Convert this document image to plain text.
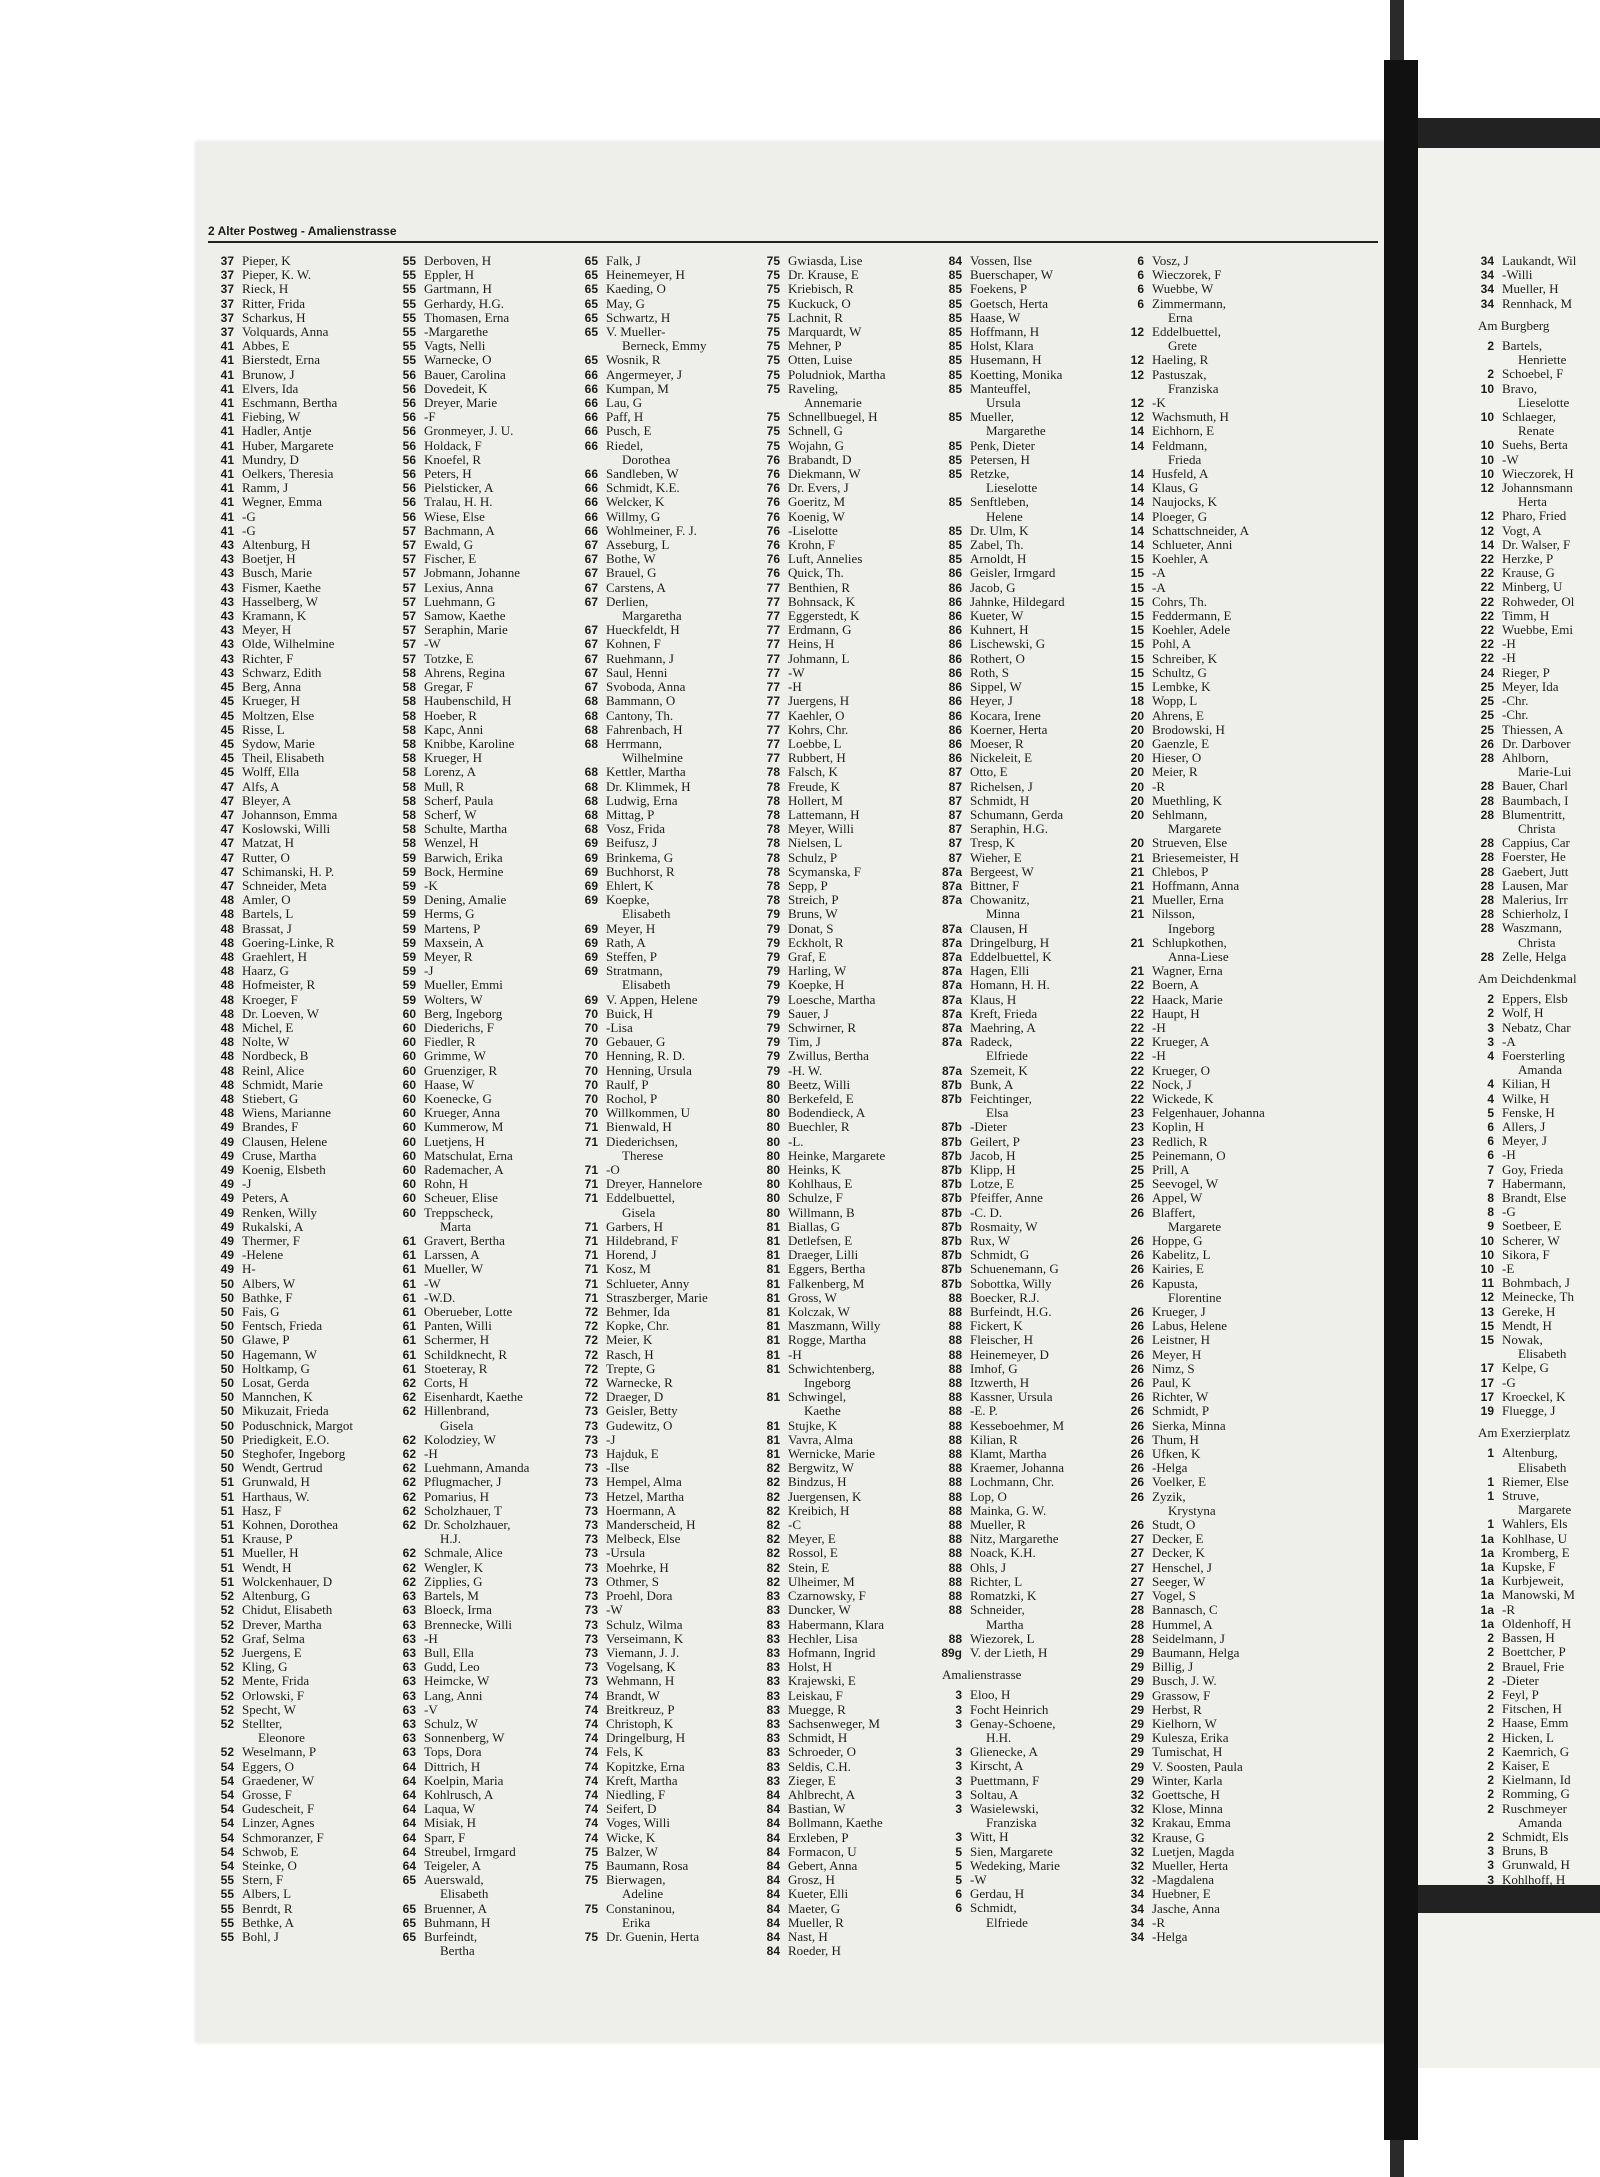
2 Alter Postweg - Amalienstrasse
37 Pieper, K
37 Pieper, K. W.
37 Rieck, H
37 Ritter, Frida
37 Scharkus, H
37 Volquards, Anna
41 Abbes, E
41 Bierstedt, Erna
41 Brunow, J
41 Elvers, Ida
41 Eschmann, Bertha
41 Fiebing, W
41 Hadler, Antje
41 Huber, Margarete
41 Mundry, D
41 Oelkers, Theresia
41 Ramm, J
41 Wegner, Emma
41 -G
41 -G
43 Altenburg, H
43 Boetjer, H
43 Busch, Marie
43 Fismer, Kaethe
43 Hasselberg, W
43 Kramann, K
43 Meyer, H
43 Olde, Wilhelmine
43 Richter, F
43 Schwarz, Edith
45 Berg, Anna
45 Krueger, H
45 Moltzen, Else
45 Risse, L
45 Sydow, Marie
45 Theil, Elisabeth
45 Wolff, Ella
47 Alfs, A
47 Bleyer, A
47 Johannson, Emma
47 Koslowski, Willi
47 Matzat, H
47 Rutter, O
47 Schimanski, H. P.
47 Schneider, Meta
48 Amler, O
48 Bartels, L
48 Brassat, J
48 Goering-Linke, R
48 Graehlert, H
48 Haarz, G
48 Hofmeister, R
48 Kroeger, F
48 Dr. Loeven, W
48 Michel, E
48 Nolte, W
48 Nordbeck, B
48 Reinl, Alice
48 Schmidt, Marie
48 Stiebert, G
48 Wiens, Marianne
49 Brandes, F
49 Clausen, Helene
49 Cruse, Martha
49 Koenig, Elsbeth
49 -J
49 Peters, A
49 Renken, Willy
49 Rukalski, A
49 Thermer, F
49 -Helene
49 H-
50 Albers, W
50 Bathke, F
50 Fais, G
50 Fentsch, Frieda
50 Glawe, P
50 Hagemann, W
50 Holtkamp, G
50 Losat, Gerda
50 Mannchen, K
50 Mikuzait, Frieda
50 Poduschnick, Margot
50 Priedigkeit, E.O.
50 Steghofer, Ingeborg
50 Wendt, Gertrud
51 Grunwald, H
51 Harthaus, W.
51 Hasz, F
51 Kohnen, Dorothea
51 Krause, P
51 Mueller, H
51 Wendt, H
51 Wolckenhauer, D
52 Altenburg, G
52 Chidut, Elisabeth
52 Drever, Martha
52 Graf, Selma
52 Juergens, E
52 Kling, G
52 Mente, Frida
52 Orlowski, F
52 Specht, W
52 Stellter,
Eleonore
52 Weselmann, P
54 Eggers, O
54 Graedener, W
54 Grosse, F
54 Gudescheit, F
54 Linzer, Agnes
54 Schmoranzer, F
54 Schwob, E
54 Steinke, O
55 Stern, F
55 Albers, L
55 Benrdt, R
55 Bethke, A
55 Bohl, J
55 Derboven, H
55 Eppler, H
55 Gartmann, H
55 Gerhardy, H.G.
55 Thomasen, Erna
55 -Margarethe
55 Vagts, Nelli
55 Warnecke, O
56 Bauer, Carolina
56 Dovedeit, K
56 Dreyer, Marie
56 -F
56 Gronmeyer, J. U.
56 Holdack, F
56 Knoefel, R
56 Peters, H
56 Pielsticker, A
56 Tralau, H. H.
56 Wiese, Else
57 Bachmann, A
57 Ewald, G
57 Fischer, E
57 Jobmann, Johanne
57 Lexius, Anna
57 Luehmann, G
57 Samow, Kaethe
57 Seraphin, Marie
57 -W
57 Totzke, E
58 Ahrens, Regina
58 Gregar, F
58 Haubenschild, H
58 Hoeber, R
58 Kapc, Anni
58 Knibbe, Karoline
58 Krueger, H
58 Lorenz, A
58 Mull, R
58 Scherf, Paula
58 Scherf, W
58 Schulte, Martha
58 Wenzel, H
59 Barwich, Erika
59 Bock, Hermine
59 -K
59 Dening, Amalie
59 Herms, G
59 Martens, P
59 Maxsein, A
59 Meyer, R
59 -J
59 Mueller, Emmi
59 Wolters, W
60 Berg, Ingeborg
60 Diederichs, F
60 Fiedler, R
60 Grimme, W
60 Gruenziger, R
60 Haase, W
60 Koenecke, G
60 Krueger, Anna
60 Kummerow, M
60 Luetjens, H
60 Matschulat, Erna
60 Rademacher, A
60 Rohn, H
60 Scheuer, Elise
60 Treppscheck,
Marta
61 Gravert, Bertha
61 Larssen, A
61 Mueller, W
61 -W
61 -W.D.
61 Oberueber, Lotte
61 Panten, Willi
61 Schermer, H
61 Schildknecht, R
61 Stoeteray, R
62 Corts, H
62 Eisenhardt, Kaethe
62 Hillenbrand,
Gisela
62 Kolodziey, W
62 -H
62 Luehmann, Amanda
62 Pflugmacher, J
62 Pomarius, H
62 Scholzhauer, T
62 Dr. Scholzhauer,
H.J.
62 Schmale, Alice
62 Wengler, K
62 Zipplies, G
63 Bartels, M
63 Bloeck, Irma
63 Brennecke, Willi
63 -H
63 Bull, Ella
63 Gudd, Leo
63 Heimcke, W
63 Lang, Anni
63 -V
63 Schulz, W
63 Sonnenberg, W
63 Tops, Dora
64 Dittrich, H
64 Koelpin, Maria
64 Kohlrusch, A
64 Laqua, W
64 Misiak, H
64 Sparr, F
64 Streubel, Irmgard
64 Teigeler, A
65 Auerswald,
Elisabeth
65 Bruenner, A
65 Buhmann, H
65 Burfeindt,
Bertha
65 Falk, J
65 Heinemeyer, H
65 Kaeding, O
65 May, G
65 Schwartz, H
65 V. Mueller-
Berneck, Emmy
65 Wosnik, R
66 Angermeyer, J
66 Kumpan, M
66 Lau, G
66 Paff, H
66 Pusch, E
66 Riedel,
Dorothea
66 Sandleben, W
66 Schmidt, K.E.
66 Welcker, K
66 Willmy, G
66 Wohlmeiner, F. J.
67 Asseburg, L
67 Bothe, W
67 Brauel, G
67 Carstens, A
67 Derlien,
Margaretha
67 Hueckfeldt, H
67 Kohnen, F
67 Ruehmann, J
67 Saul, Henni
67 Svoboda, Anna
68 Bammann, O
68 Cantony, Th.
68 Fahrenbach, H
68 Herrmann,
Wilhelmine
68 Kettler, Martha
68 Dr. Klimmek, H
68 Ludwig, Erna
68 Mittag, P
68 Vosz, Frida
69 Beifusz, J
69 Brinkema, G
69 Buchhorst, R
69 Ehlert, K
69 Koepke,
Elisabeth
69 Meyer, H
69 Rath, A
69 Steffen, P
69 Stratmann,
Elisabeth
69 V. Appen, Helene
70 Buick, H
70 -Lisa
70 Gebauer, G
70 Henning, R. D.
70 Henning, Ursula
70 Raulf, P
70 Rochol, P
70 Willkommen, U
71 Bienwald, H
71 Diederichsen,
Therese
71 -O
71 Dreyer, Hannelore
71 Eddelbuettel,
Gisela
71 Garbers, H
71 Hildebrand, F
71 Horend, J
71 Kosz, M
71 Schlueter, Anny
71 Straszberger, Marie
72 Behmer, Ida
72 Kopke, Chr.
72 Meier, K
72 Rasch, H
72 Trepte, G
72 Warnecke, R
72 Draeger, D
73 Geisler, Betty
73 Gudewitz, O
73 -J
73 Hajduk, E
73 -Ilse
73 Hempel, Alma
73 Hetzel, Martha
73 Hoermann, A
73 Manderscheid, H
73 Melbeck, Else
73 -Ursula
73 Moehrke, H
73 Othmer, S
73 Proehl, Dora
73 -W
73 Schulz, Wilma
73 Verseimann, K
73 Viemann, J. J.
73 Vogelsang, K
73 Wehmann, H
74 Brandt, W
74 Breitkreuz, P
74 Christoph, K
74 Dringelburg, H
74 Fels, K
74 Kopitzke, Erna
74 Kreft, Martha
74 Niedling, F
74 Seifert, D
74 Voges, Willi
74 Wicke, K
75 Balzer, W
75 Baumann, Rosa
75 Bierwagen,
Adeline
75 Constaninou,
Erika
75 Dr. Guenin, Herta
75 Gwiasda, Lise
75 Dr. Krause, E
75 Kriebisch, R
75 Kuckuck, O
75 Lachnit, R
75 Marquardt, W
75 Mehner, P
75 Otten, Luise
75 Poludniok, Martha
75 Raveling,
Annemarie
75 Schnellbuegel, H
75 Schnell, G
75 Wojahn, G
76 Brabandt, D
76 Diekmann, W
76 Dr. Evers, J
76 Goeritz, M
76 Koenig, W
76 -Liselotte
76 Krohn, F
76 Luft, Annelies
76 Quick, Th.
77 Benthien, R
77 Bohnsack, K
77 Eggerstedt, K
77 Erdmann, G
77 Heins, H
77 Johmann, L
77 -W
77 -H
77 Juergens, H
77 Kaehler, O
77 Kohrs, Chr.
77 Loebbe, L
77 Rubbert, H
78 Falsch, K
78 Freude, K
78 Hollert, M
78 Lattemann, H
78 Meyer, Willi
78 Nielsen, L
78 Schulz, P
78 Scymanska, F
78 Sepp, P
78 Streich, P
79 Bruns, W
79 Donat, S
79 Eckholt, R
79 Graf, E
79 Harling, W
79 Koepke, H
79 Loesche, Martha
79 Sauer, J
79 Schwirner, R
79 Tim, J
79 Zwillus, Bertha
79 -H. W.
80 Beetz, Willi
80 Berkefeld, E
80 Bodendieck, A
80 Buechler, R
80 -L.
80 Heinke, Margarete
80 Heinks, K
80 Kohlhaus, E
80 Schulze, F
80 Willmann, B
81 Biallas, G
81 Detlefsen, E
81 Draeger, Lilli
81 Eggers, Bertha
81 Falkenberg, M
81 Gross, W
81 Kolczak, W
81 Maszmann, Willy
81 Rogge, Martha
81 -H
81 Schwichtenberg,
Ingeborg
81 Schwingel,
Kaethe
81 Stujke, K
81 Vavra, Alma
81 Wernicke, Marie
82 Bergwitz, W
82 Bindzus, H
82 Juergensen, K
82 Kreibich, H
82 -C
82 Meyer, E
82 Rossol, E
82 Stein, E
82 Ulheimer, M
83 Czarnowsky, F
83 Duncker, W
83 Habermann, Klara
83 Hechler, Lisa
83 Hofmann, Ingrid
83 Holst, H
83 Krajewski, E
83 Leiskau, F
83 Muegge, R
83 Sachsenweger, M
83 Schmidt, H
83 Schroeder, O
83 Seldis, C.H.
83 Zieger, E
84 Ahlbrecht, A
84 Bastian, W
84 Bollmann, Kaethe
84 Erxleben, P
84 Formacon, U
84 Gebert, Anna
84 Grosz, H
84 Kueter, Elli
84 Maeter, G
84 Mueller, R
84 Nast, H
84 Roeder, H
84 Vossen, Ilse
85 Buerschaper, W
85 Foekens, P
85 Goetsch, Herta
85 Haase, W
85 Hoffmann, H
85 Holst, Klara
85 Husemann, H
85 Koetting, Monika
85 Manteuffel,
Ursula
85 Mueller,
Margarethe
85 Penk, Dieter
85 Petersen, H
85 Retzke,
Lieselotte
85 Senftleben,
Helene
85 Dr. Ulm, K
85 Zabel, Th.
85 Arnoldt, H
86 Geisler, Irmgard
86 Jacob, G
86 Jahnke, Hildegard
86 Kueter, W
86 Kuhnert, H
86 Lischewski, G
86 Rothert, O
86 Roth, S
86 Sippel, W
86 Heyer, J
86 Kocara, Irene
86 Koerner, Herta
86 Moeser, R
86 Nickeleit, E
87 Otto, E
87 Richelsen, J
87 Schmidt, H
87 Schumann, Gerda
87 Seraphin, H.G.
87 Tresp, K
87 Wieher, E
87a Bergeest, W
87a Bittner, F
87a Chowanitz,
Minna
87a Clausen, H
87a Dringelburg, H
87a Eddelbuettel, K
87a Hagen, Elli
87a Homann, H. H.
87a Klaus, H
87a Kreft, Frieda
87a Maehring, A
87a Radeck,
Elfriede
87a Szemeit, K
87b Bunk, A
87b Feichtinger,
Elsa
87b -Dieter
87b Geilert, P
87b Jacob, H
87b Klipp, H
87b Lotze, E
87b Pfeiffer, Anne
87b -C. D.
87b Rosmaity, W
87b Rux, W
87b Schmidt, G
87b Schuenemann, G
87b Sobottka, Willy
88 Boecker, R.J.
88 Burfeindt, H.G.
88 Fickert, K
88 Fleischer, H
88 Heinemeyer, D
88 Imhof, G
88 Itzwerth, H
88 Kassner, Ursula
88 -E. P.
88 Kesseboehmer, M
88 Kilian, R
88 Klamt, Martha
88 Kraemer, Johanna
88 Lochmann, Chr.
88 Lop, O
88 Mainka, G. W.
88 Mueller, R
88 Nitz, Margarethe
88 Noack, K.H.
88 Ohls, J
88 Richter, L
88 Romatzki, K
88 Schneider,
Martha
88 Wiezorek, L
89g V. der Lieth, H
Amalienstrasse
3 Eloo, H
3 Focht Heinrich
3 Genay-Schoene,
H.H.
3 Glienecke, A
3 Kirscht, A
3 Puettmann, F
3 Soltau, A
3 Wasielewski,
Franziska
3 Witt, H
5 Sien, Margarete
5 Wedeking, Marie
5 -W
6 Gerdau, H
6 Schmidt,
Elfriede
6 Vosz, J
6 Wieczorek, F
6 Wuebbe, W
6 Zimmermann,
Erna
12 Eddelbuettel,
Grete
12 Haeling, R
12 Pastuszak,
Franziska
12 -K
12 Wachsmuth, H
14 Eichhorn, E
14 Feldmann,
Frieda
14 Husfeld, A
14 Klaus, G
14 Naujocks, K
14 Ploeger, G
14 Schattschneider, A
14 Schlueter, Anni
15 Koehler, A
15 -A
15 -A
15 Cohrs, Th.
15 Feddermann, E
15 Koehler, Adele
15 Pohl, A
15 Schreiber, K
15 Schultz, G
15 Lembke, K
18 Wopp, L
20 Ahrens, E
20 Brodowski, H
20 Gaenzle, E
20 Hieser, O
20 Meier, R
20 -R
20 Muethling, K
20 Sehlmann,
Margarete
20 Strueven, Else
21 Briesemeister, H
21 Chlebos, P
21 Hoffmann, Anna
21 Mueller, Erna
21 Nilsson,
Ingeborg
21 Schlupkothen,
Anna-Liese
21 Wagner, Erna
22 Boern, A
22 Haack, Marie
22 Haupt, H
22 -H
22 Krueger, A
22 -H
22 Krueger, O
22 Nock, J
22 Wickede, K
23 Felgenhauer, Johanna
23 Koplin, H
23 Redlich, R
25 Peinemann, O
25 Prill, A
25 Seevogel, W
26 Appel, W
26 Blaffert,
Margarete
26 Hoppe, G
26 Kabelitz, L
26 Kairies, E
26 Kapusta,
Florentine
26 Krueger, J
26 Labus, Helene
26 Leistner, H
26 Meyer, H
26 Nimz, S
26 Paul, K
26 Richter, W
26 Schmidt, P
26 Sierka, Minna
26 Thum, H
26 Ufken, K
26 -Helga
26 Voelker, E
26 Zyzik,
Krystyna
26 Studt, O
27 Decker, E
27 Decker, K
27 Henschel, J
27 Seeger, W
27 Vogel, S
28 Bannasch, C
28 Hummel, A
28 Seidelmann, J
29 Baumann, Helga
29 Billig, J
29 Busch, J. W.
29 Grassow, F
29 Herbst, R
29 Kielhorn, W
29 Kulesza, Erika
29 Tumischat, H
29 V. Soosten, Paula
29 Winter, Karla
32 Goettsche, H
32 Klose, Minna
32 Krakau, Emma
32 Krause, G
32 Luetjen, Magda
32 Mueller, Herta
32 -Magdalena
34 Huebner, E
34 Jasche, Anna
34 -R
34 -Helga
34 Laukandt, Wil
34 -Willi
34 Mueller, H
34 Rennhack, M
Am Burgberg
2 Bartels,
Henriette
2 Schoebel, F
10 Bravo,
Lieselotte
10 Schlaeger,
Renate
10 Suehs, Berta
10 -W
10 Wieczorek, H
12 Johannsmann
Herta
12 Pharo, Fried
12 Vogt, A
14 Dr. Walser, F
22 Herzke, P
22 Krause, G
22 Minberg, U
22 Rohweder, Ol
22 Timm, H
22 Wuebbe, Emi
22 -H
22 -H
24 Rieger, P
25 Meyer, Ida
25 -Chr.
25 -Chr.
25 Thiessen, A
26 Dr. Darbover
28 Ahlborn,
Marie-Lui
28 Bauer, Charl
28 Baumbach, I
28 Blumentritt,
Christa
28 Cappius, Car
28 Foerster, He
28 Gaebert, Jutt
28 Lausen, Mar
28 Malerius, Irr
28 Schierholz, I
28 Waszmann,
Christa
28 Zelle, Helga
Am Deichdenkmal
2 Eppers, Elsb
2 Wolf, H
3 Nebatz, Char
3 -A
4 Foersterling
Amanda
4 Kilian, H
4 Wilke, H
5 Fenske, H
6 Allers, J
6 Meyer, J
6 -H
7 Goy, Frieda
7 Habermann,
8 Brandt, Else
8 -G
9 Soetbeer, E
10 Scherer, W
10 Sikora, F
10 -E
11 Bohmbach, J
12 Meinecke, Th
13 Gereke, H
15 Mendt, H
15 Nowak,
Elisabeth
17 Kelpe, G
17 -G
17 Kroeckel, K
19 Fluegge, J
Am Exerzierplatz
1 Altenburg,
Elisabeth
1 Riemer, Else
1 Struve,
Margarete
1 Wahlers, Els
1a Kohlhase, U
1a Kromberg, E
1a Kupske, F
1a Kurbjeweit,
1a Manowski, M
1a -R
1a Oldenhoff, H
2 Bassen, H
2 Boettcher, P
2 Brauel, Frie
2 -Dieter
2 Feyl, P
2 Fitschen, H
2 Haase, Emm
2 Hicken, L
2 Kaemrich, G
2 Kaiser, E
2 Kielmann, Id
2 Romming, G
2 Ruschmeyer
Amanda
2 Schmidt, Els
3 Bruns, B
3 Grunwald, H
3 Kohlhoff, H
